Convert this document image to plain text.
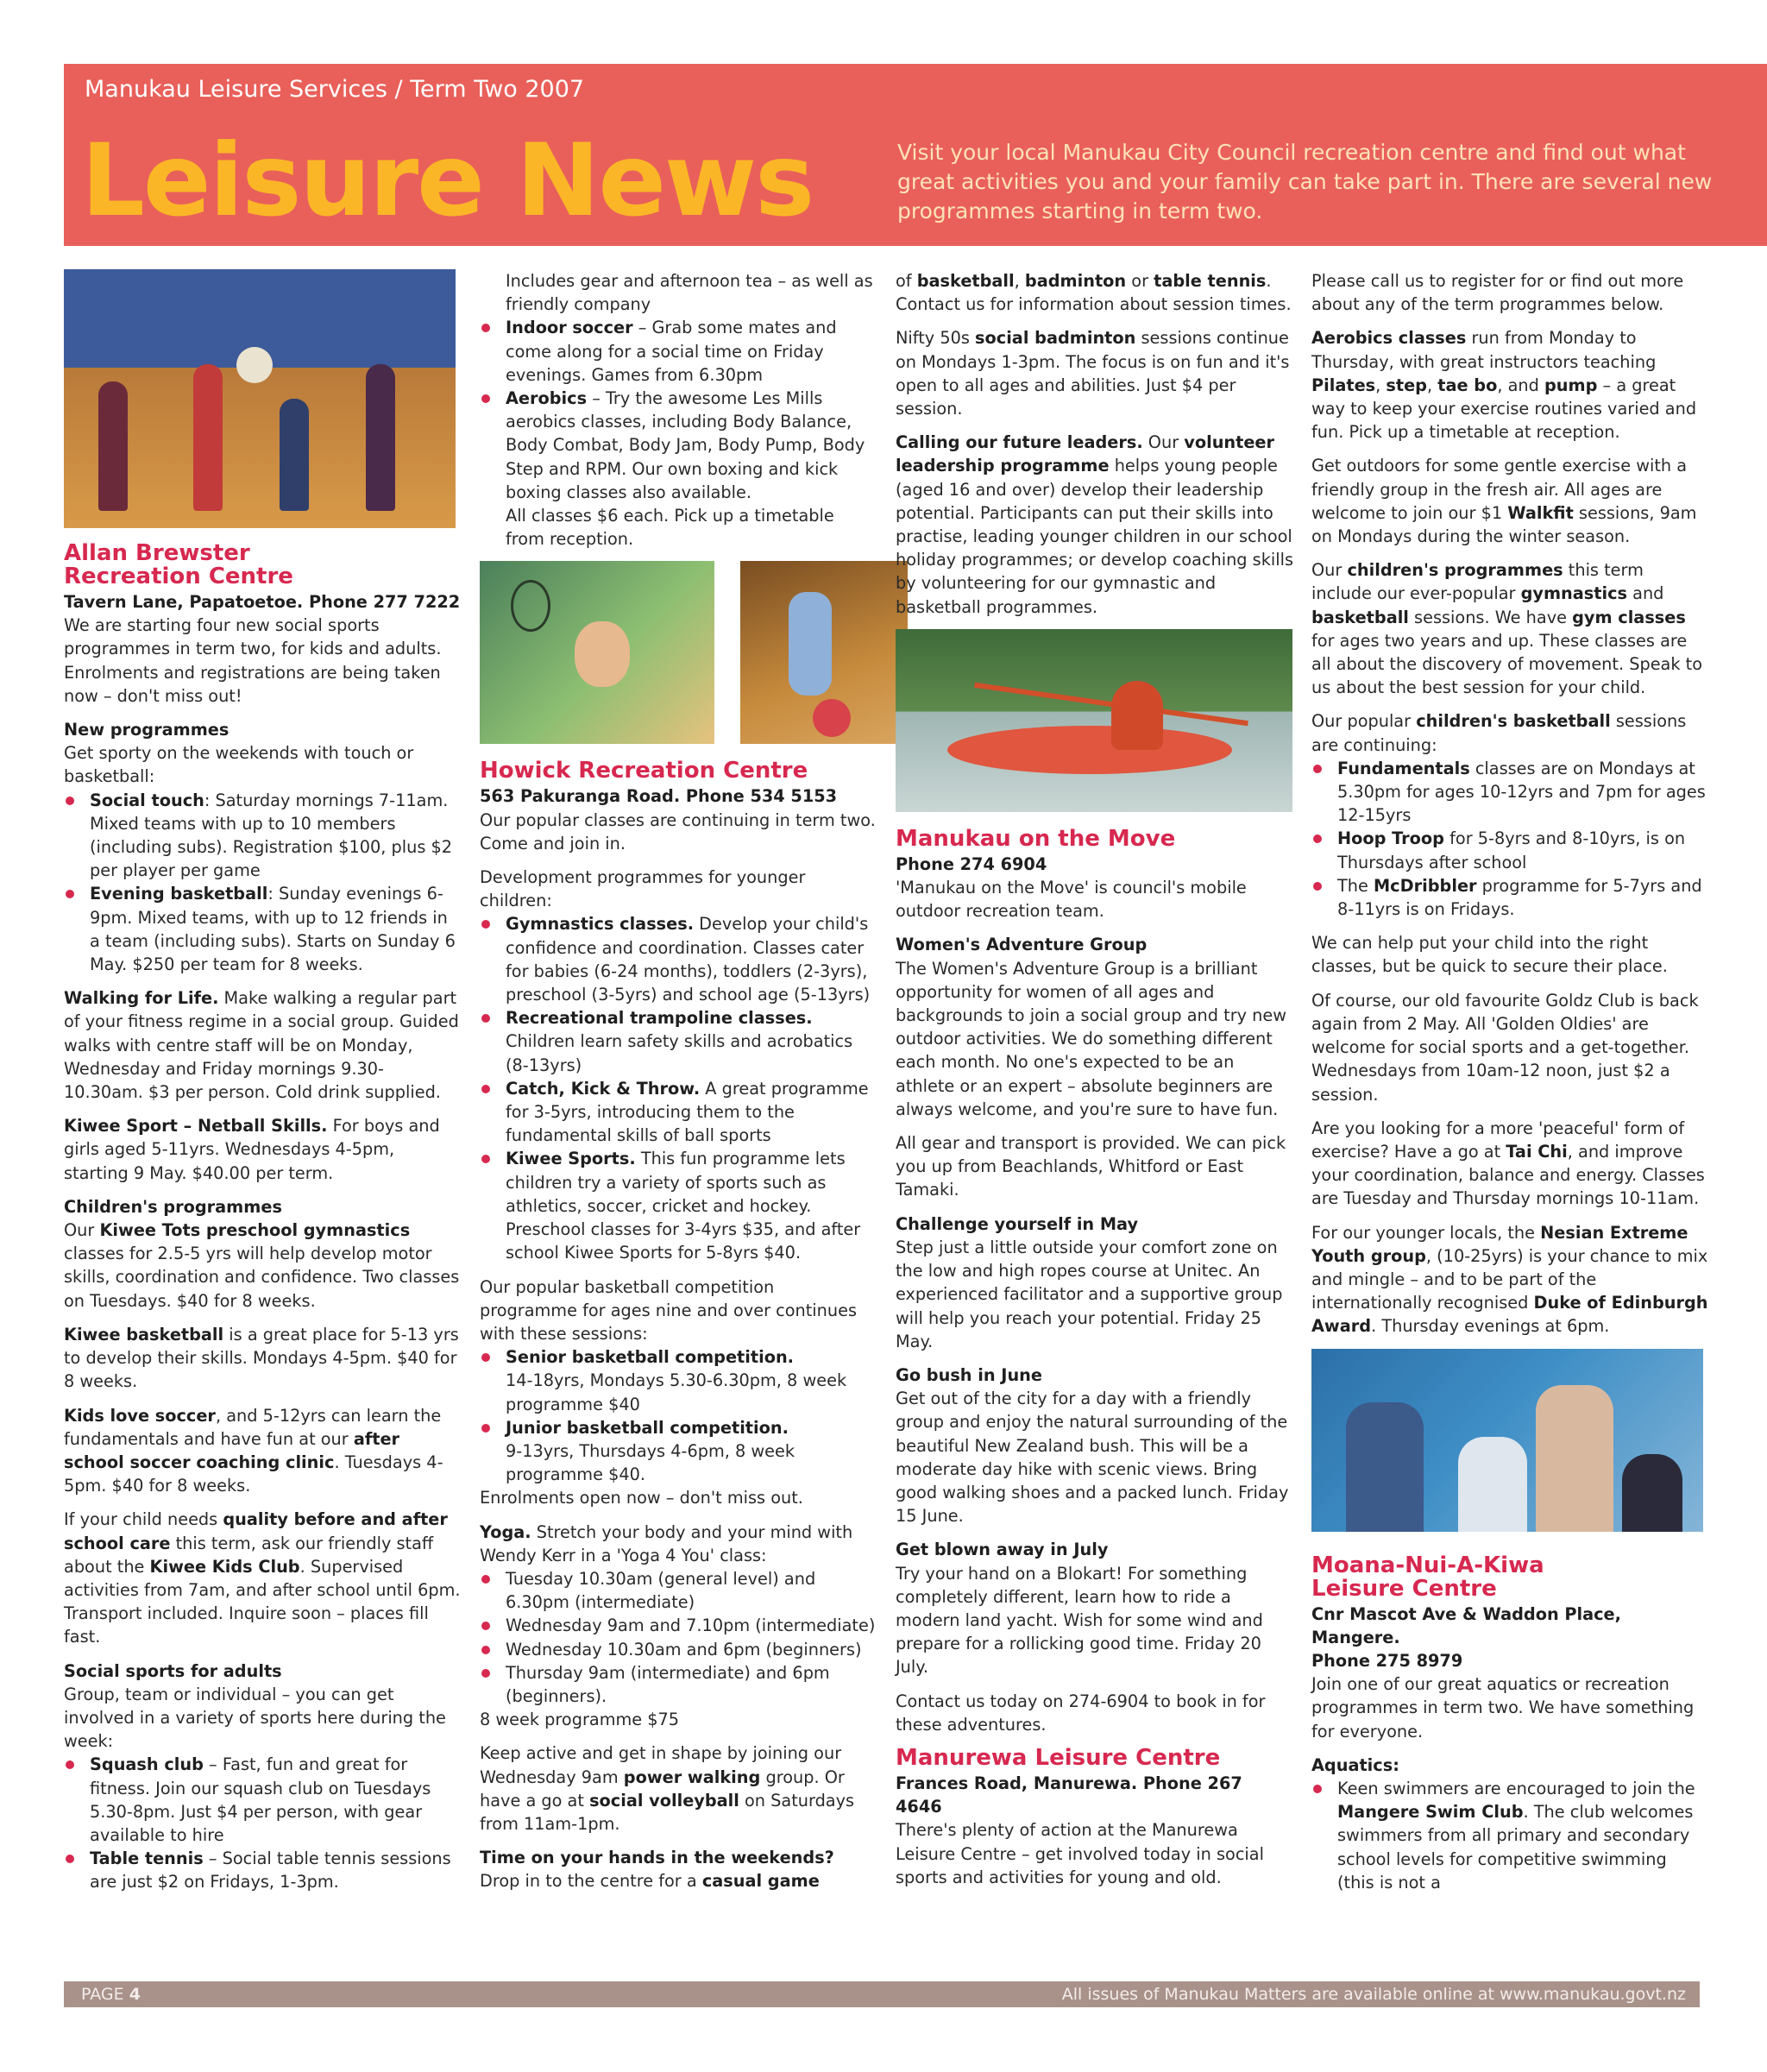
Manukau Leisure Services / Term Two 2007
Leisure News	Visit your local Manukau City Council recreation centre and find out what great activities you and your family can take part in. There are several new programmes starting in term two.
Allan Brewster
Recreation Centre
Tavern Lane, Papatoetoe. Phone 277 7222

We are starting four new social sports programmes in term two, for kids and adults. Enrolments and registrations are being taken now – don't miss out!

New programmes
Get sporty on the weekends with touch or basketball:
Social touch: Saturday mornings 7-11am. Mixed teams with up to 10 members (including subs). Registration $100, plus $2 per player per game
Evening basketball: Sunday evenings 6-9pm. Mixed teams, with up to 12 friends in a team (including subs). Starts on Sunday 6 May. $250 per team for 8 weeks.

Walking for Life. Make walking a regular part of your fitness regime in a social group. Guided walks with centre staff will be on Monday, Wednesday and Friday mornings 9.30-10.30am. $3 per person. Cold drink supplied.

Kiwee Sport – Netball Skills. For boys and girls aged 5-11yrs. Wednesdays 4-5pm, starting 9 May. $40.00 per term.

Children's programmes

Our Kiwee Tots preschool gymnastics classes for 2.5-5 yrs will help develop motor skills, coordination and confidence. Two classes on Tuesdays. $40 for 8 weeks.

Kiwee basketball is a great place for 5-13 yrs to develop their skills. Mondays 4-5pm. $40 for 8 weeks.

Kids love soccer, and 5-12yrs can learn the fundamentals and have fun at our after school soccer coaching clinic. Tuesdays 4-5pm. $40 for 8 weeks.

If your child needs quality before and after school care this term, ask our friendly staff about the Kiwee Kids Club. Supervised activities from 7am, and after school until 6pm. Transport included. Inquire soon – places fill fast.

Social sports for adults
Group, team or individual – you can get involved in a variety of sports here during the week:
Squash club – Fast, fun and great for fitness. Join our squash club on Tuesdays 5.30-8pm. Just $4 per person, with gear available to hire
Table tennis – Social table tennis sessions are just $2 on Fridays, 1-3pm.
Includes gear and afternoon tea – as well as friendly company
Indoor soccer – Grab some mates and come along for a social time on Friday evenings. Games from 6.30pm
Aerobics – Try the awesome Les Mills aerobics classes, including Body Balance, Body Combat, Body Jam, Body Pump, Body Step and RPM. Our own boxing and kick boxing classes also available.

All classes $6 each. Pick up a timetable from reception.

Howick Recreation Centre
563 Pakuranga Road. Phone 534 5153

Our popular classes are continuing in term two. Come and join in.

Development programmes for younger children:
Gymnastics classes. Develop your child's confidence and coordination. Classes cater for babies (6-24 months), toddlers (2-3yrs), preschool (3-5yrs) and school age (5-13yrs)
Recreational trampoline classes. Children learn safety skills and acrobatics (8-13yrs)
Catch, Kick & Throw. A great programme for 3-5yrs, introducing them to the fundamental skills of ball sports
Kiwee Sports. This fun programme lets children try a variety of sports such as athletics, soccer, cricket and hockey. Preschool classes for 3-4yrs $35, and after school Kiwee Sports for 5-8yrs $40.
Our popular basketball competition programme for ages nine and over continues with these sessions:
Senior basketball competition.
14-18yrs, Mondays 5.30-6.30pm, 8 week programme $40
Junior basketball competition.
9-13yrs, Thursdays 4-6pm, 8 week programme $40.

Enrolments open now – don't miss out.

Yoga. Stretch your body and your mind with Wendy Kerr in a 'Yoga 4 You' class:
Tuesday 10.30am (general level) and 6.30pm (intermediate)
Wednesday 9am and 7.10pm (intermediate)
Wednesday 10.30am and 6pm (beginners)
Thursday 9am (intermediate) and 6pm (beginners).

8 week programme $75

Keep active and get in shape by joining our Wednesday 9am power walking group. Or have a go at social volleyball on Saturdays from 11am-1pm.

Time on your hands in the weekends? Drop in to the centre for a casual game

of basketball, badminton or table tennis. Contact us for information about session times.

Nifty 50s social badminton sessions continue on Mondays 1-3pm. The focus is on fun and it's open to all ages and abilities. Just $4 per session.

Calling our future leaders. Our volunteer leadership programme helps young people (aged 16 and over) develop their leadership potential. Participants can put their skills into practise, leading younger children in our school holiday programmes; or develop coaching skills by volunteering for our gymnastic and basketball programmes.

Manukau on the Move
Phone 274 6904

'Manukau on the Move' is council's mobile outdoor recreation team.

Women's Adventure Group

The Women's Adventure Group is a brilliant opportunity for women of all ages and backgrounds to join a social group and try new outdoor activities. We do something different each month. No one's expected to be an athlete or an expert – absolute beginners are always welcome, and you're sure to have fun.

All gear and transport is provided. We can pick you up from Beachlands, Whitford or East Tamaki.

Challenge yourself in May

Step just a little outside your comfort zone on the low and high ropes course at Unitec. An experienced facilitator and a supportive group will help you reach your potential. Friday 25 May.

Go bush in June

Get out of the city for a day with a friendly group and enjoy the natural surrounding of the beautiful New Zealand bush. This will be a moderate day hike with scenic views. Bring good walking shoes and a packed lunch. Friday 15 June.

Get blown away in July

Try your hand on a Blokart! For something completely different, learn how to ride a modern land yacht. Wish for some wind and prepare for a rollicking good time. Friday 20 July.

Contact us today on 274-6904 to book in for these adventures.

Manurewa Leisure Centre
Frances Road, Manurewa. Phone 267 4646

There's plenty of action at the Manurewa Leisure Centre – get involved today in social sports and activities for young and old.

Please call us to register for or find out more about any of the term programmes below.

Aerobics classes run from Monday to Thursday, with great instructors teaching Pilates, step, tae bo, and pump – a great way to keep your exercise routines varied and fun. Pick up a timetable at reception.

Get outdoors for some gentle exercise with a friendly group in the fresh air. All ages are welcome to join our $1 Walkfit sessions, 9am on Mondays during the winter season.

Our children's programmes this term include our ever-popular gymnastics and basketball sessions. We have gym classes for ages two years and up. These classes are all about the discovery of movement. Speak to us about the best session for your child.

Our popular children's basketball sessions are continuing:
Fundamentals classes are on Mondays at 5.30pm for ages 10-12yrs and 7pm for ages 12-15yrs
Hoop Troop for 5-8yrs and 8-10yrs, is on Thursdays after school
The McDribbler programme for 5-7yrs and 8-11yrs is on Fridays.

We can help put your child into the right classes, but be quick to secure their place.

Of course, our old favourite Goldz Club is back again from 2 May. All 'Golden Oldies' are welcome for social sports and a get-together. Wednesdays from 10am-12 noon, just $2 a session.

Are you looking for a more 'peaceful' form of exercise? Have a go at Tai Chi, and improve your coordination, balance and energy. Classes are Tuesday and Thursday mornings 10-11am.

For our younger locals, the Nesian Extreme Youth group, (10-25yrs) is your chance to mix and mingle – and to be part of the internationally recognised Duke of Edinburgh Award. Thursday evenings at 6pm.

Moana-Nui-A-Kiwa
Leisure Centre
Cnr Mascot Ave & Waddon Place, Mangere.
Phone 275 8979

Join one of our great aquatics or recreation programmes in term two. We have something for everyone.

Aquatics:
Keen swimmers are encouraged to join the Mangere Swim Club. The club welcomes swimmers from all primary and secondary school levels for competitive swimming (this is not a
PAGE 4	All issues of Manukau Matters are available online at www.manukau.govt.nz
